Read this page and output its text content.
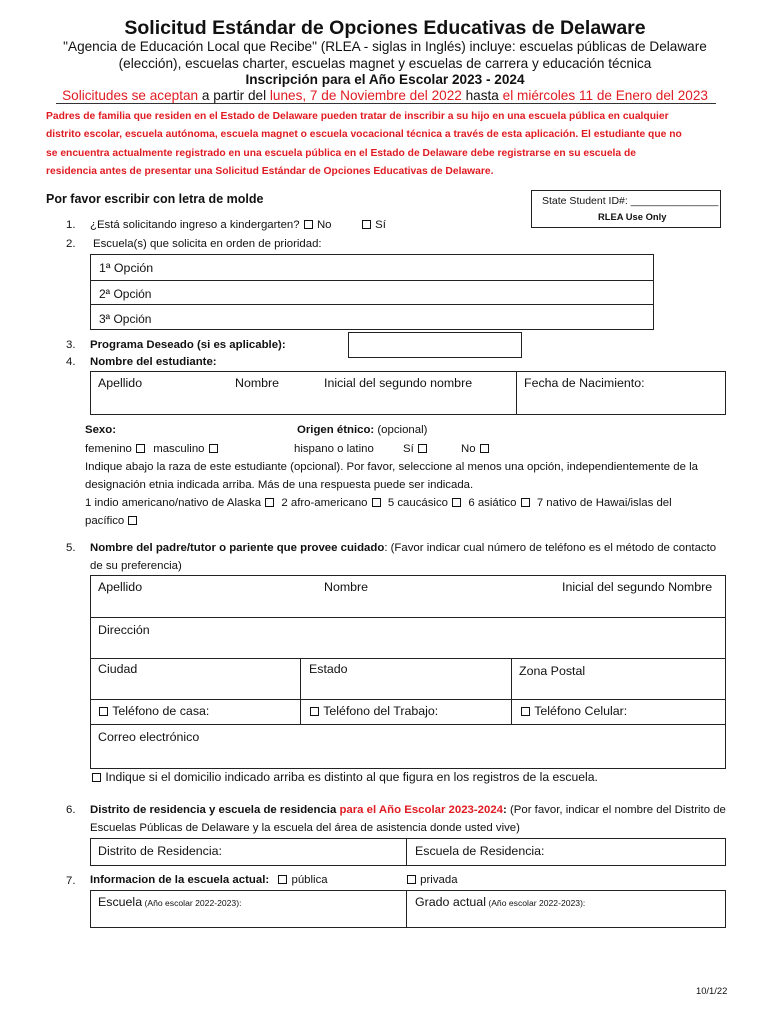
Solicitud Estándar de Opciones Educativas de Delaware
"Agencia de Educación Local que Recibe" (RLEA - siglas in Inglés) incluye: escuelas públicas de Delaware
(elección), escuelas charter, escuelas magnet y escuelas de carrera y educación técnica
Inscripción para el Año Escolar 2023 - 2024
Solicitudes se aceptan a partir del lunes, 7 de Noviembre del 2022 hasta el miércoles 11 de Enero del 2023
Padres de familia que residen en el Estado de Delaware pueden tratar de inscribir a su hijo en una escuela pública en cualquier
distrito escolar, escuela autónoma, escuela magnet o escuela vocacional técnica a través de esta aplicación. El estudiante que no
se encuentra actualmente registrado en una escuela pública en el Estado de Delaware debe registrarse en su escuela de
residencia antes de presentar una Solicitud Estándar de Opciones Educativas de Delaware.
Por favor escribir con letra de molde	State Student ID#: _______________
RLEA Use Only
1. ¿Está solicitando ingreso a kindergarten? No	Sí
2. Escuela(s) que solicita en orden de prioridad:
1ª Opción
2ª Opción
3ª Opción
3. Programa Deseado (si es aplicable):
4. Nombre del estudiante:
Apellido	Nombre	Inicial del segundo nombre	Fecha de Nacimiento:
Sexo:	Origen étnico: (opcional)
femenino masculino	hispano o latino	Sí	No
Indique abajo la raza de este estudiante (opcional). Por favor, seleccione al menos una opción, independientemente de la
designación etnia indicada arriba. Más de una respuesta puede ser indicada.
1 indio americano/nativo de Alaska 2 afro-americano 5 caucásico 6 asiático 7 nativo de Hawai/islas del
pacífico
5. Nombre del padre/tutor o pariente que provee cuidado: (Favor indicar cual número de teléfono es el método de contacto
de su preferencia)
Apellido	Nombre	Inicial del segundo Nombre
Dirección
Ciudad	Estado	Zona Postal
Teléfono de casa:	Teléfono del Trabajo:	Teléfono Celular:
Correo electrónico
Indique si el domicilio indicado arriba es distinto al que figura en los registros de la escuela.
6. Distrito de residencia y escuela de residencia para el Año Escolar 2023-2024: (Por favor, indicar el nombre del Distrito de
Escuelas Públicas de Delaware y la escuela del área de asistencia donde usted vive)
Distrito de Residencia:	Escuela de Residencia:
7. Informacion de la escuela actual: pública	privada
Escuela (Año escolar 2022-2023):	Grado actual (Año escolar 2022-2023):
10/1/22
